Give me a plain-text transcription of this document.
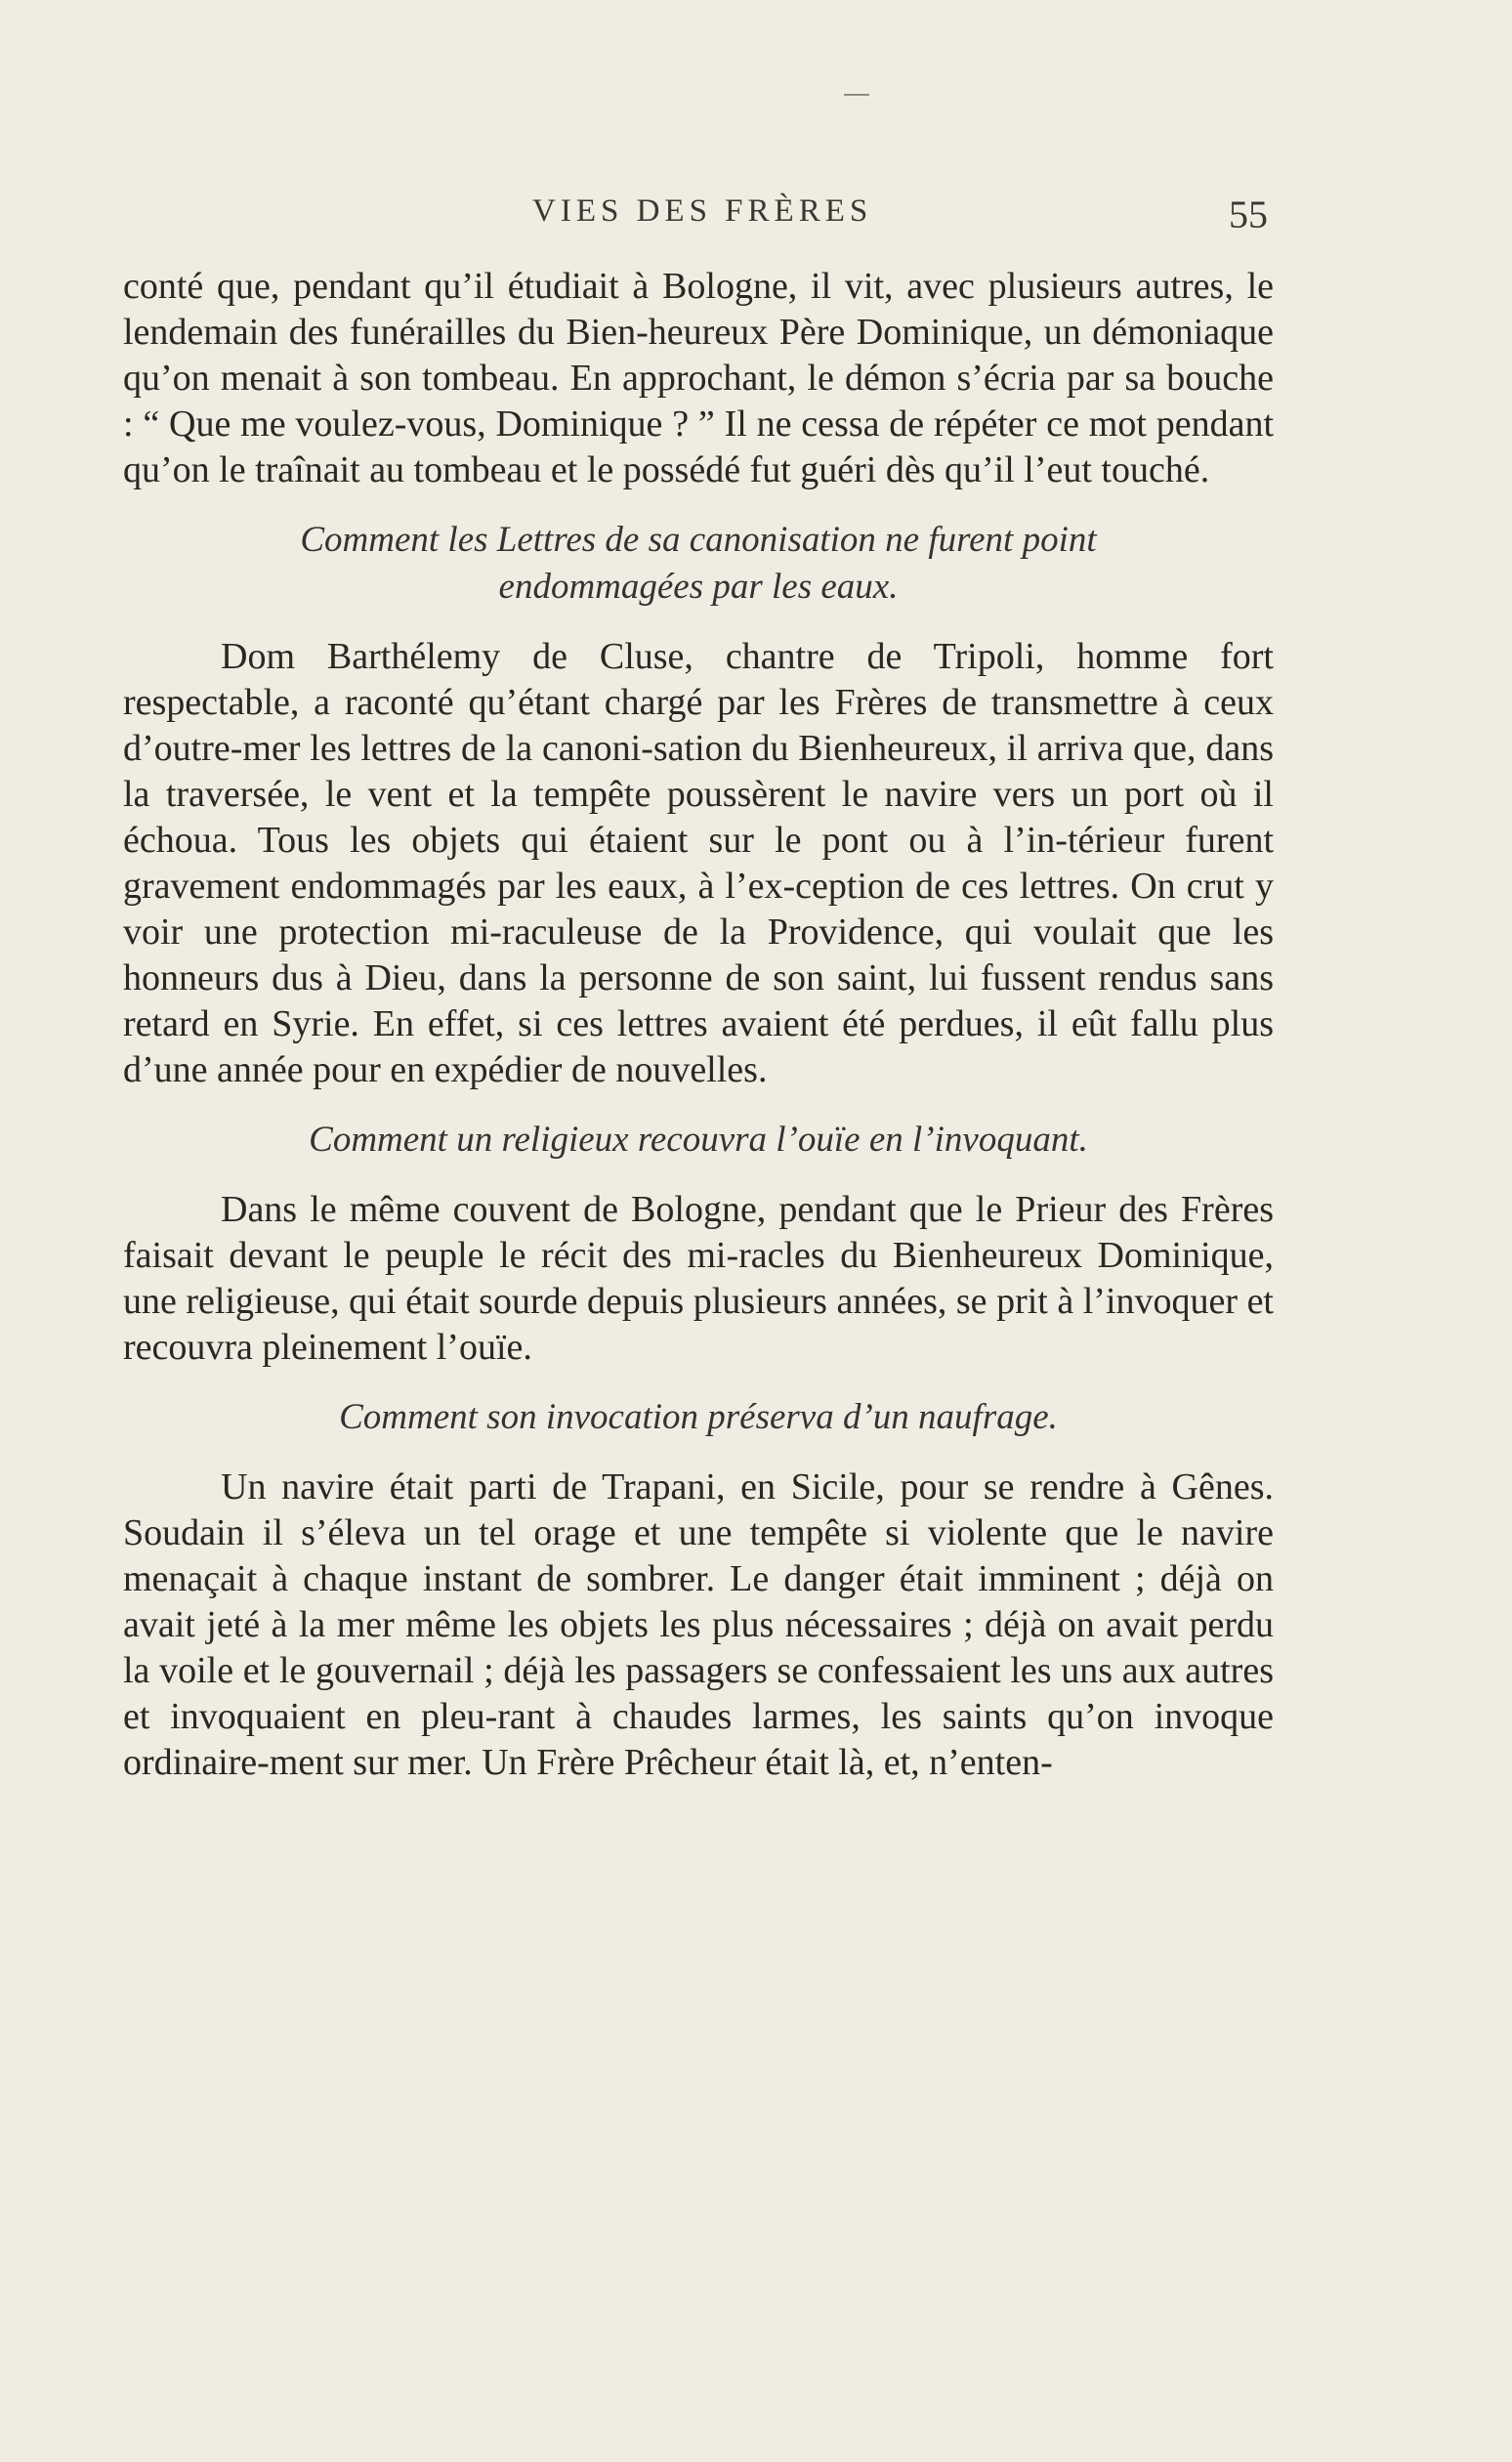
VIES DES FRÈRES	55

conté que, pendant qu’il étudiait à Bologne, il vit, avec plusieurs autres, le lendemain des funérailles du Bien-heureux Père Dominique, un démoniaque qu’on menait à son tombeau. En approchant, le démon s’écria par sa bouche : “ Que me voulez-vous, Dominique ? ” Il ne cessa de répéter ce mot pendant qu’on le traînait au tombeau et le possédé fut guéri dès qu’il l’eut touché.

Comment les Lettres de sa canonisation ne furent point
endommagées par les eaux.

Dom Barthélemy de Cluse, chantre de Tripoli, homme fort respectable, a raconté qu’étant chargé par les Frères de transmettre à ceux d’outre-mer les lettres de la canoni-sation du Bienheureux, il arriva que, dans la traversée, le vent et la tempête poussèrent le navire vers un port où il échoua. Tous les objets qui étaient sur le pont ou à l’in-térieur furent gravement endommagés par les eaux, à l’ex-ception de ces lettres. On crut y voir une protection mi-raculeuse de la Providence, qui voulait que les honneurs dus à Dieu, dans la personne de son saint, lui fussent rendus sans retard en Syrie. En effet, si ces lettres avaient été perdues, il eût fallu plus d’une année pour en expédier de nouvelles.

Comment un religieux recouvra l’ouïe en l’invoquant.

Dans le même couvent de Bologne, pendant que le Prieur des Frères faisait devant le peuple le récit des mi-racles du Bienheureux Dominique, une religieuse, qui était sourde depuis plusieurs années, se prit à l’invoquer et recouvra pleinement l’ouïe.

Comment son invocation préserva d’un naufrage.

Un navire était parti de Trapani, en Sicile, pour se rendre à Gênes. Soudain il s’éleva un tel orage et une tempête si violente que le navire menaçait à chaque instant de sombrer. Le danger était imminent ; déjà on avait jeté à la mer même les objets les plus nécessaires ; déjà on avait perdu la voile et le gouvernail ; déjà les passagers se confessaient les uns aux autres et invoquaient en pleu-rant à chaudes larmes, les saints qu’on invoque ordinaire-ment sur mer. Un Frère Prêcheur était là, et, n’enten-
